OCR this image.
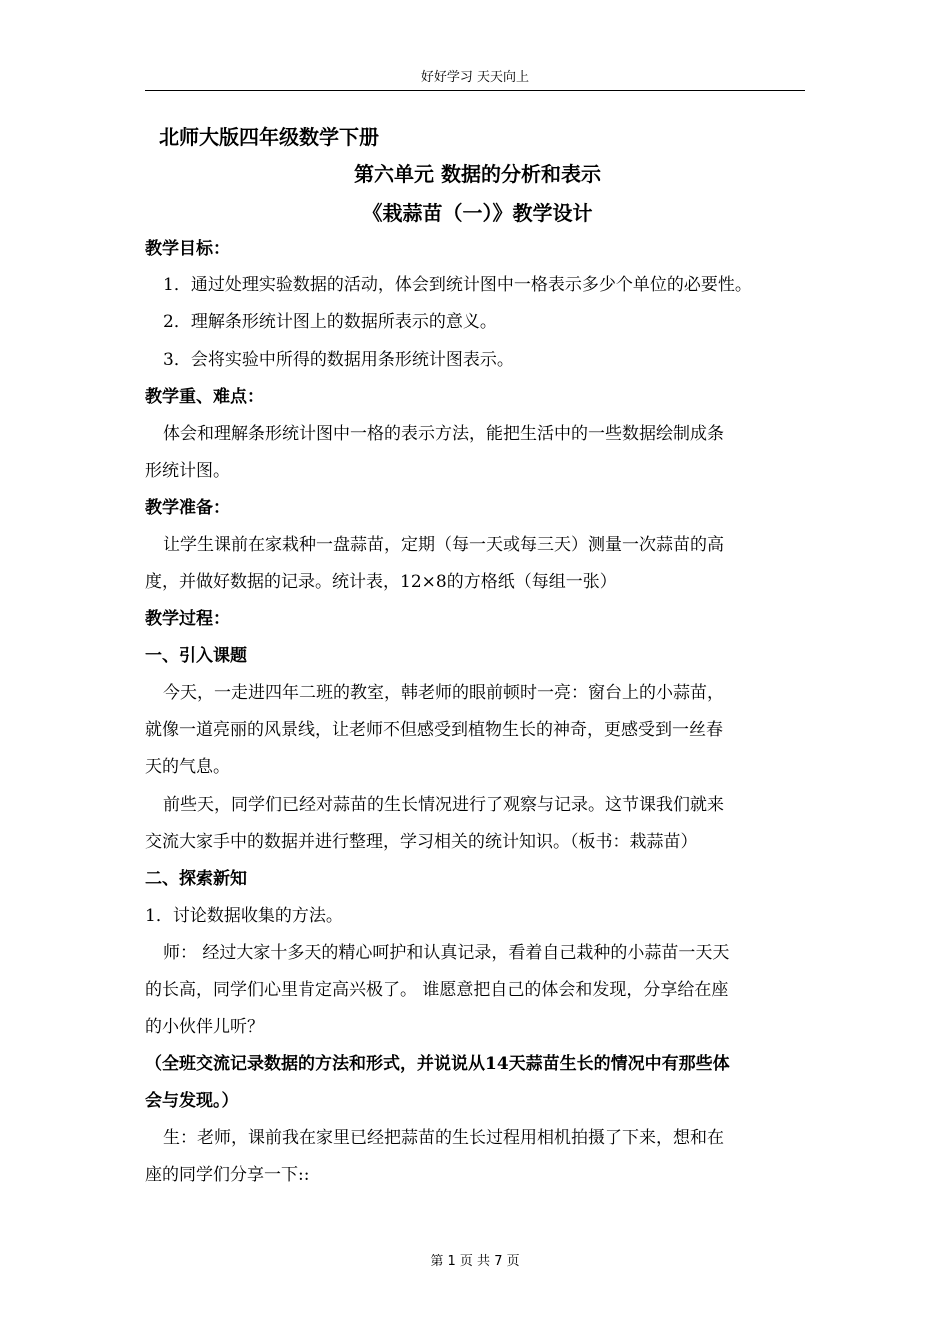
好好学习 天天向上
北师大版四年级数学下册
第六单元 数据的分析和表示
《栽蒜苗（一）》教学设计
教学目标：
1．通过处理实验数据的活动，体会到统计图中一格表示多少个单位的必要性。
2．理解条形统计图上的数据所表示的意义。
3．会将实验中所得的数据用条形统计图表示。
教学重、难点：
体会和理解条形统计图中一格的表示方法，能把生活中的一些数据绘制成条
形统计图。
教学准备：
让学生课前在家栽种一盘蒜苗，定期（每一天或每三天）测量一次蒜苗的高
度，并做好数据的记录。统计表，12×8的方格纸（每组一张）
教学过程：
一、引入课题
今天，一走进四年二班的教室，韩老师的眼前顿时一亮：窗台上的小蒜苗，
就像一道亮丽的风景线，让老师不但感受到植物生长的神奇，更感受到一丝春
天的气息。
前些天，同学们已经对蒜苗的生长情况进行了观察与记录。这节课我们就来
交流大家手中的数据并进行整理，学习相关的统计知识。（板书：栽蒜苗）
二、探索新知
1．讨论数据收集的方法。
师： 经过大家十多天的精心呵护和认真记录，看着自己栽种的小蒜苗一天天
的长高，同学们心里肯定高兴极了。 谁愿意把自己的体会和发现，分享给在座
的小伙伴儿听？
（全班交流记录数据的方法和形式，并说说从14天蒜苗生长的情况中有那些体
会与发现。）
生：老师，课前我在家里已经把蒜苗的生长过程用相机拍摄了下来，想和在
座的同学们分享一下::
第 1 页 共 7 页
